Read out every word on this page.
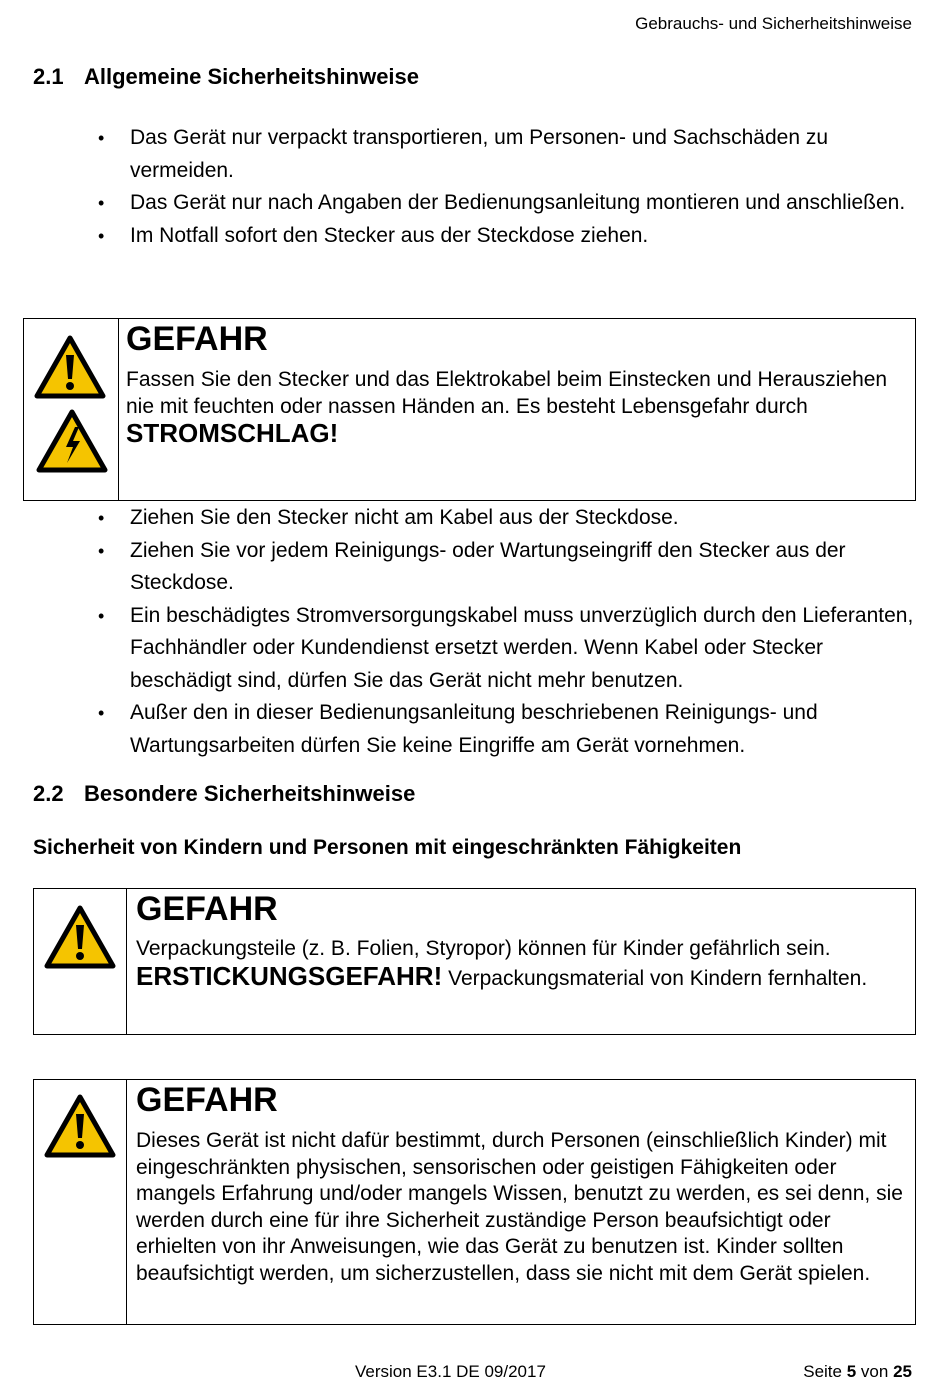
Gebrauchs- und Sicherheitshinweise
2.1 Allgemeine Sicherheitshinweise
• Das Gerät nur verpackt transportieren, um Personen- und Sachschäden zu vermeiden.
• Das Gerät nur nach Angaben der Bedienungsanleitung montieren und anschließen.
• Im Notfall sofort den Stecker aus der Steckdose ziehen.
GEFAHR
Fassen Sie den Stecker und das Elektrokabel beim Einstecken und Herausziehen nie mit feuchten oder nassen Händen an. Es besteht Lebensgefahr durch STROMSCHLAG!
• Ziehen Sie den Stecker nicht am Kabel aus der Steckdose.
• Ziehen Sie vor jedem Reinigungs- oder Wartungseingriff den Stecker aus der Steckdose.
• Ein beschädigtes Stromversorgungskabel muss unverzüglich durch den Lieferanten, Fachhändler oder Kundendienst ersetzt werden. Wenn Kabel oder Stecker beschädigt sind, dürfen Sie das Gerät nicht mehr benutzen.
• Außer den in dieser Bedienungsanleitung beschriebenen Reinigungs- und Wartungsarbeiten dürfen Sie keine Eingriffe am Gerät vornehmen.
2.2 Besondere Sicherheitshinweise
Sicherheit von Kindern und Personen mit eingeschränkten Fähigkeiten
GEFAHR
Verpackungsteile (z. B. Folien, Styropor) können für Kinder gefährlich sein.
ERSTICKUNGSGEFAHR! Verpackungsmaterial von Kindern fernhalten.
GEFAHR
Dieses Gerät ist nicht dafür bestimmt, durch Personen (einschließlich Kinder) mit eingeschränkten physischen, sensorischen oder geistigen Fähigkeiten oder mangels Erfahrung und/oder mangels Wissen, benutzt zu werden, es sei denn, sie werden durch eine für ihre Sicherheit zuständige Person beaufsichtigt oder erhielten von ihr Anweisungen, wie das Gerät zu benutzen ist. Kinder sollten beaufsichtigt werden, um sicherzustellen, dass sie nicht mit dem Gerät spielen.
Version E3.1 DE 09/2017	Seite 5 von 25
